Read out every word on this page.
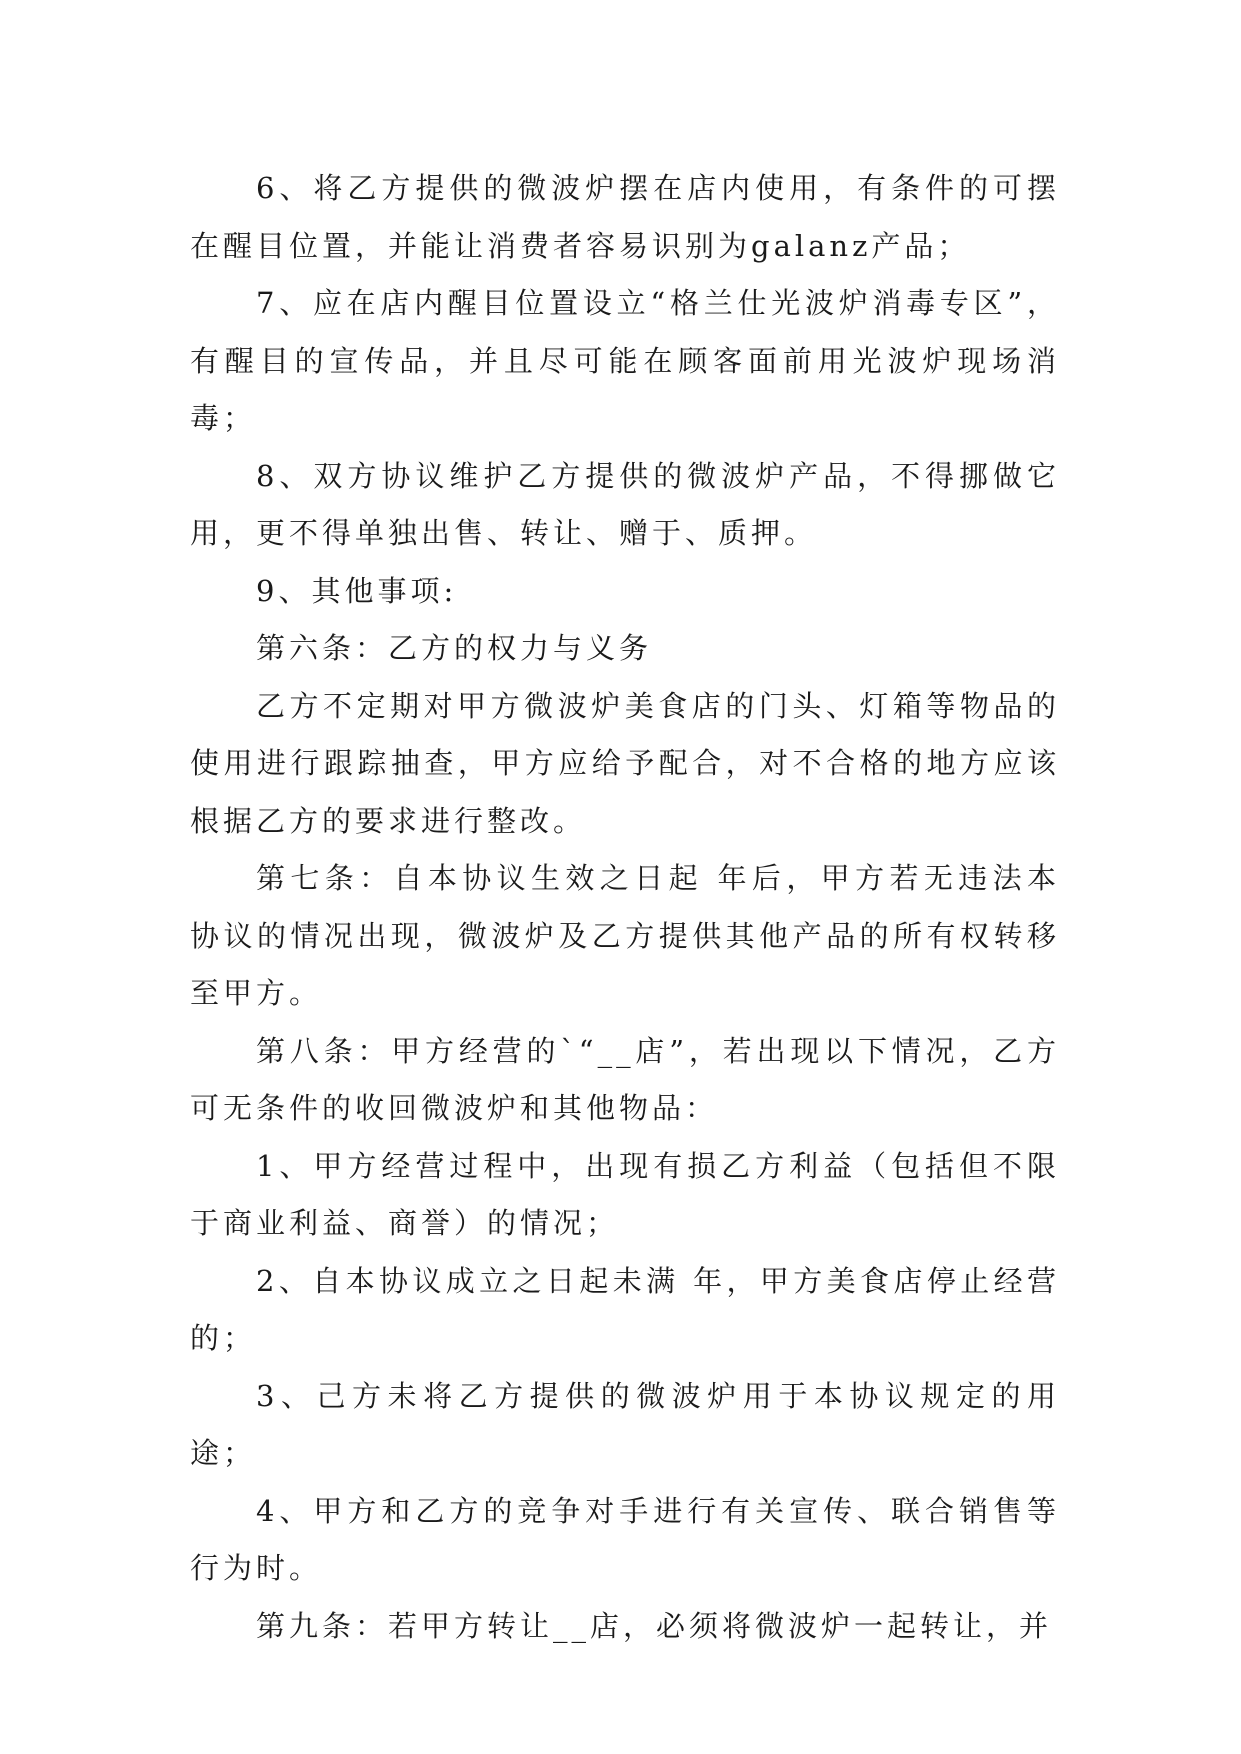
6、将乙方提供的微波炉摆在店内使用，有条件的可摆在醒目位置，并能让消费者容易识别为galanz产品；

7、应在店内醒目位置设立“格兰仕光波炉消毒专区”，有醒目的宣传品，并且尽可能在顾客面前用光波炉现场消毒；

8、双方协议维护乙方提供的微波炉产品，不得挪做它用，更不得单独出售、转让、赠于、质押。

9、其他事项:

第六条：乙方的权力与义务

乙方不定期对甲方微波炉美食店的门头、灯箱等物品的使用进行跟踪抽查，甲方应给予配合，对不合格的地方应该根据乙方的要求进行整改。

第七条：自本协议生效之日起 年后，甲方若无违法本协议的情况出现，微波炉及乙方提供其他产品的所有权转移至甲方。

第八条：甲方经营的`“__店”，若出现以下情况，乙方可无条件的收回微波炉和其他物品：

1、甲方经营过程中，出现有损乙方利益（包括但不限于商业利益、商誉）的情况；

2、自本协议成立之日起未满 年，甲方美食店停止经营的；

3、己方未将乙方提供的微波炉用于本协议规定的用途；

4、甲方和乙方的竞争对手进行有关宣传、联合销售等行为时。

第九条：若甲方转让__店，必须将微波炉一起转让，并
